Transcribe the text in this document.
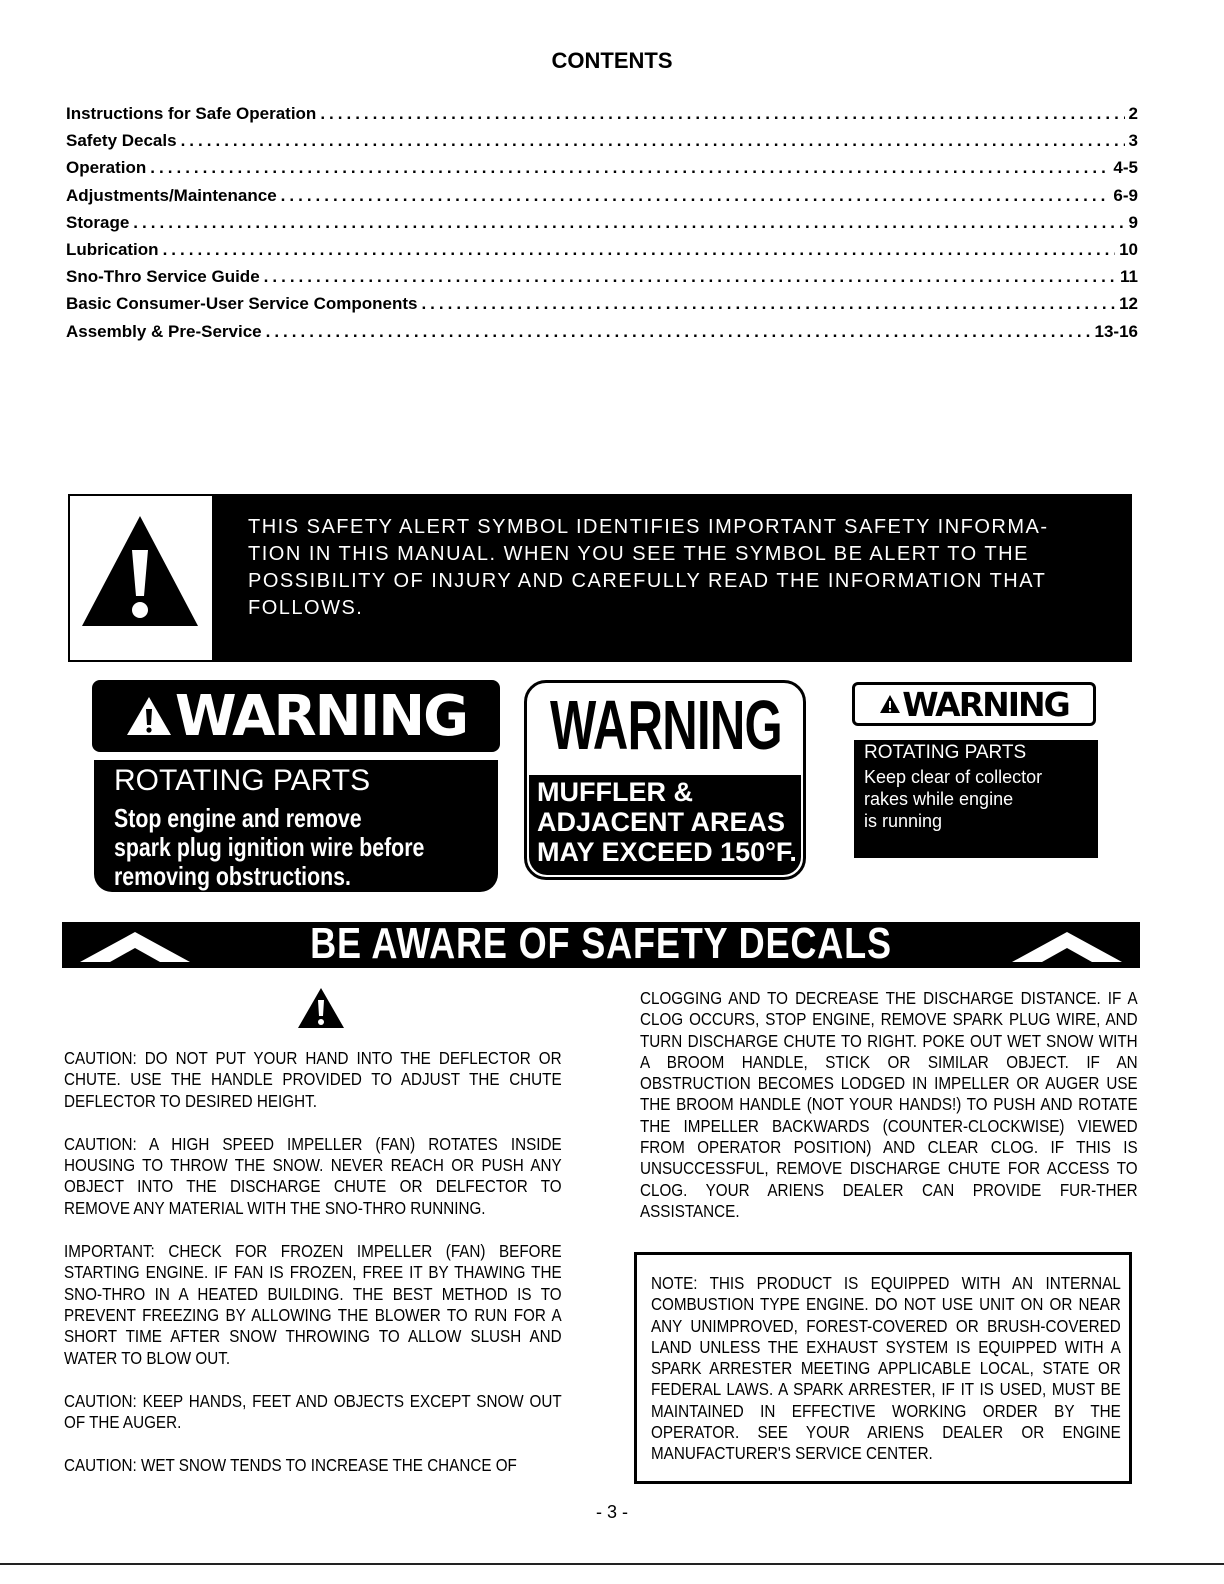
CONTENTS
Instructions for Safe Operation .....	2
Safety Decals .....	3
Operation .....	4-5
Adjustments/Maintenance .....	6-9
Storage .....	9
Lubrication .....	10
Sno-Thro Service Guide .....	11
Basic Consumer-User Service Components .....	12
Assembly & Pre-Service .....	13-16
THIS SAFETY ALERT SYMBOL IDENTIFIES IMPORTANT SAFETY INFORMA-
TION IN THIS MANUAL. WHEN YOU SEE THE SYMBOL BE ALERT TO THE
POSSIBILITY OF INJURY AND CAREFULLY READ THE INFORMATION THAT
FOLLOWS.
WARNING
ROTATING PARTS
Stop engine and remove
spark plug ignition wire before
removing obstructions.
WARNING
MUFFLER &
ADJACENT AREAS
MAY EXCEED 150°F.
WARNING
ROTATING PARTS
Keep clear of collector
rakes while engine
is running
BE AWARE OF SAFETY DECALS

CAUTION: DO NOT PUT YOUR HAND INTO THE DEFLECTOR OR CHUTE. USE THE HANDLE PROVIDED TO ADJUST THE CHUTE DEFLECTOR TO DESIRED HEIGHT.

CAUTION: A HIGH SPEED IMPELLER (FAN) ROTATES INSIDE HOUSING TO THROW THE SNOW. NEVER REACH OR PUSH ANY OBJECT INTO THE DISCHARGE CHUTE OR DELFECTOR TO REMOVE ANY MATERIAL WITH THE SNO-THRO RUNNING.

IMPORTANT: CHECK FOR FROZEN IMPELLER (FAN) BEFORE STARTING ENGINE. IF FAN IS FROZEN, FREE IT BY THAWING THE SNO-THRO IN A HEATED BUILDING. THE BEST METHOD IS TO PREVENT FREEZING BY ALLOWING THE BLOWER TO RUN FOR A SHORT TIME AFTER SNOW THROWING TO ALLOW SLUSH AND WATER TO BLOW OUT.

CAUTION: KEEP HANDS, FEET AND OBJECTS EXCEPT SNOW OUT OF THE AUGER.

CAUTION: WET SNOW TENDS TO INCREASE THE CHANCE OF

CLOGGING AND TO DECREASE THE DISCHARGE DISTANCE. IF A CLOG OCCURS, STOP ENGINE, REMOVE SPARK PLUG WIRE, AND TURN DISCHARGE CHUTE TO RIGHT. POKE OUT WET SNOW WITH A BROOM HANDLE, STICK OR SIMILAR OBJECT. IF AN OBSTRUCTION BECOMES LODGED IN IMPELLER OR AUGER USE THE BROOM HANDLE (NOT YOUR HANDS!) TO PUSH AND ROTATE THE IMPELLER BACKWARDS (COUNTER-CLOCKWISE) VIEWED FROM OPERATOR POSITION) AND CLEAR CLOG. IF THIS IS UNSUCCESSFUL, REMOVE DISCHARGE CHUTE FOR ACCESS TO CLOG. YOUR ARIENS DEALER CAN PROVIDE FUR-THER ASSISTANCE.
NOTE: THIS PRODUCT IS EQUIPPED WITH AN INTERNAL COMBUSTION TYPE ENGINE. DO NOT USE UNIT ON OR NEAR ANY UNIMPROVED, FOREST-COVERED OR BRUSH-COVERED LAND UNLESS THE EXHAUST SYSTEM IS EQUIPPED WITH A SPARK ARRESTER MEETING APPLICABLE LOCAL, STATE OR FEDERAL LAWS. A SPARK ARRESTER, IF IT IS USED, MUST BE MAINTAINED IN EFFECTIVE WORKING ORDER BY THE OPERATOR. SEE YOUR ARIENS DEALER OR ENGINE MANUFACTURER'S SERVICE CENTER.
- 3 -
